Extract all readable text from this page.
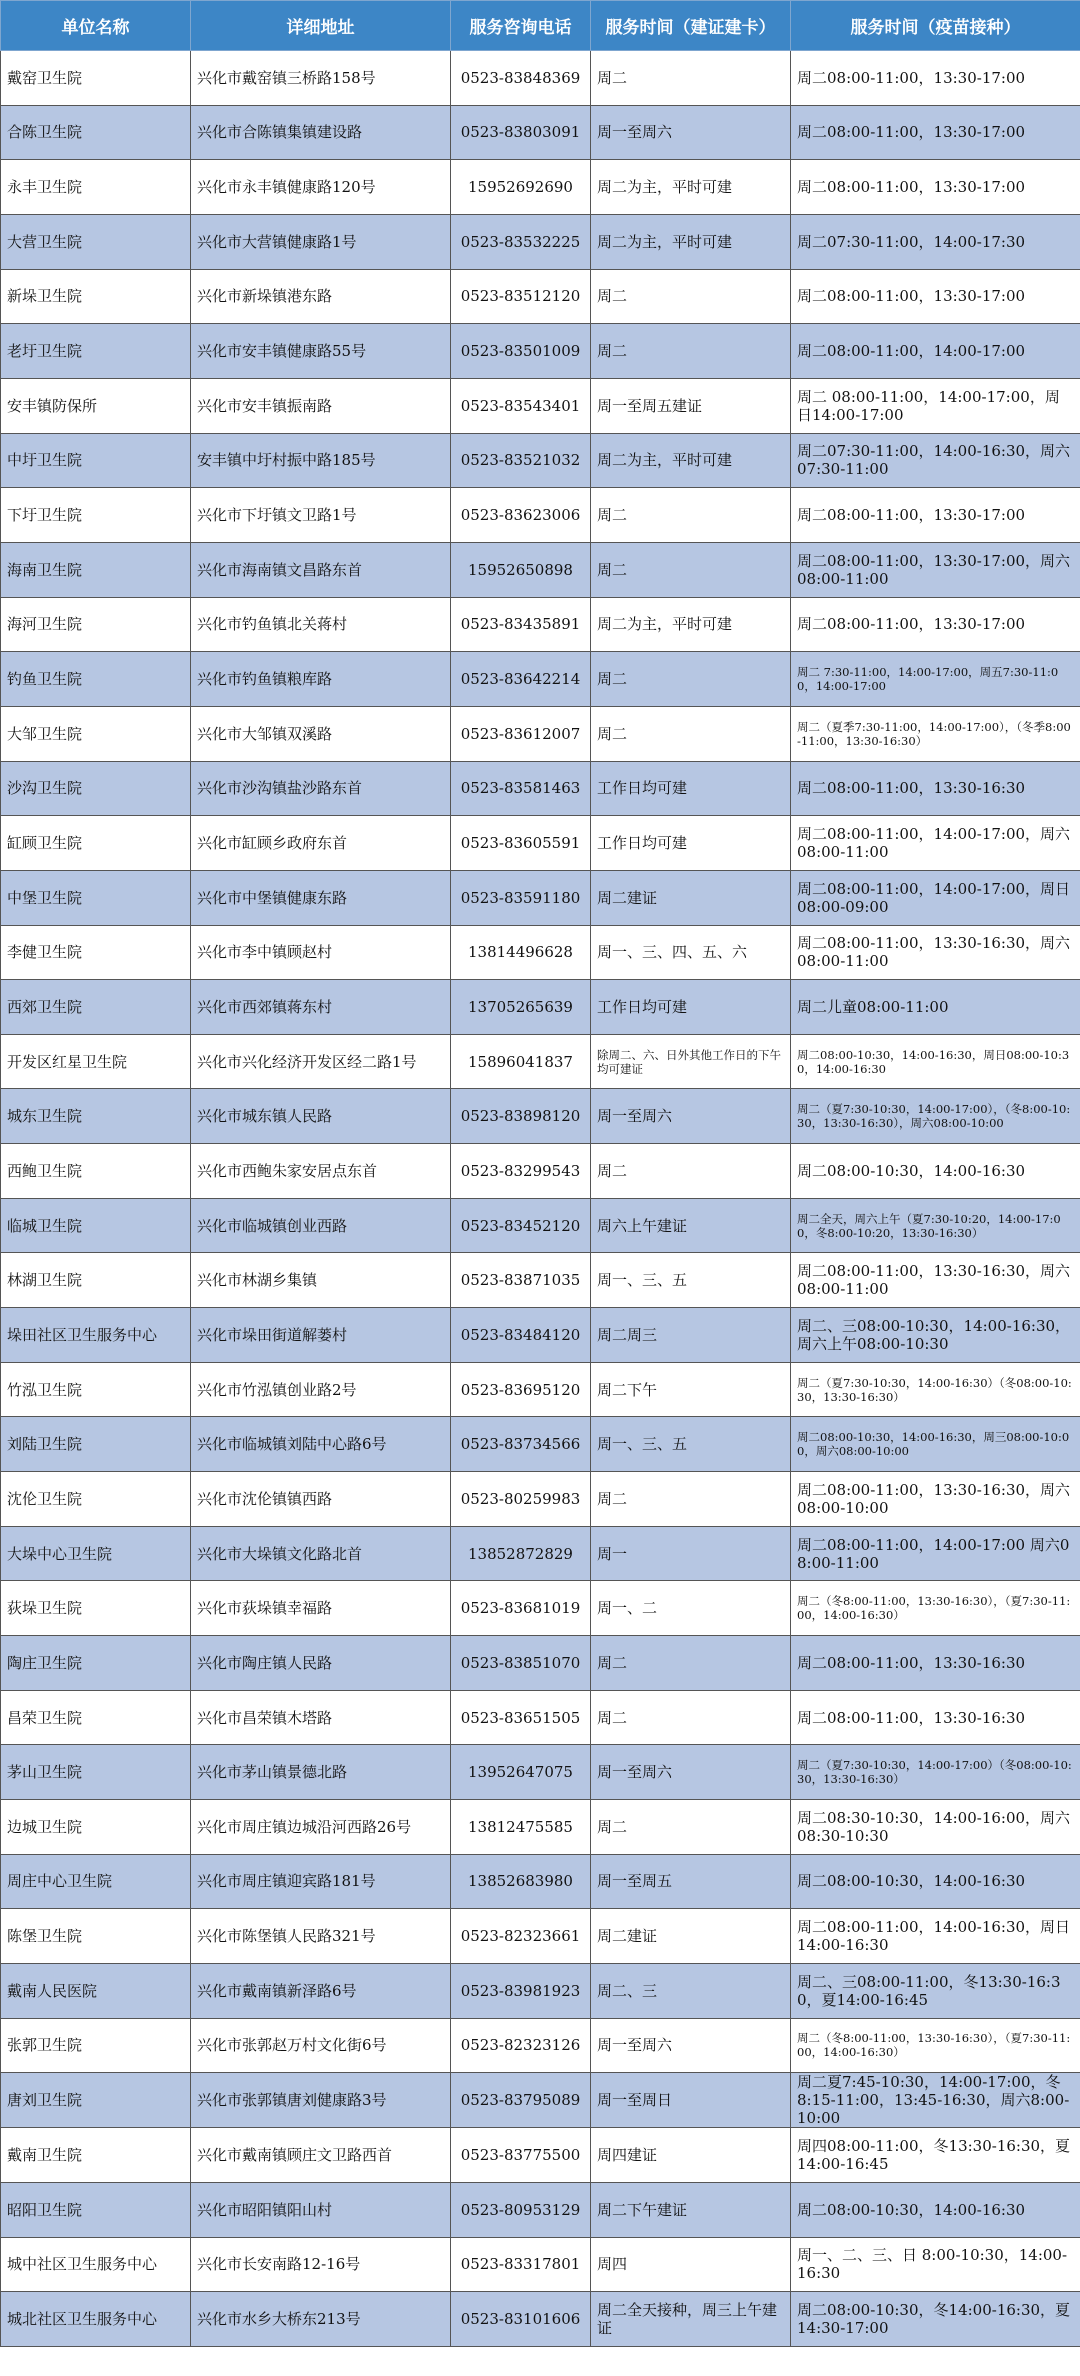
单位名称	详细地址	服务咨询电话	服务时间（建证建卡）	服务时间（疫苗接种）
戴窑卫生院	兴化市戴窑镇三桥路158号	0523-83848369	周二	周二08:00-11:00，13:30-17:00
合陈卫生院	兴化市合陈镇集镇建设路	0523-83803091	周一至周六	周二08:00-11:00，13:30-17:00
永丰卫生院	兴化市永丰镇健康路120号	15952692690	周二为主，平时可建	周二08:00-11:00，13:30-17:00
大营卫生院	兴化市大营镇健康路1号	0523-83532225	周二为主，平时可建	周二07:30-11:00，14:00-17:30
新垛卫生院	兴化市新垛镇港东路	0523-83512120	周二	周二08:00-11:00，13:30-17:00
老圩卫生院	兴化市安丰镇健康路55号	0523-83501009	周二	周二08:00-11:00，14:00-17:00
安丰镇防保所	兴化市安丰镇振南路	0523-83543401	周一至周五建证	周二 08:00-11:00，14:00-17:00，周日14:00-17:00
中圩卫生院	安丰镇中圩村振中路185号	0523-83521032	周二为主，平时可建	周二07:30-11:00，14:00-16:30，周六07:30-11:00
下圩卫生院	兴化市下圩镇文卫路1号	0523-83623006	周二	周二08:00-11:00，13:30-17:00
海南卫生院	兴化市海南镇文昌路东首	15952650898	周二	周二08:00-11:00，13:30-17:00，周六08:00-11:00
海河卫生院	兴化市钓鱼镇北关蒋村	0523-83435891	周二为主，平时可建	周二08:00-11:00，13:30-17:00
钓鱼卫生院	兴化市钓鱼镇粮库路	0523-83642214	周二	周二 7:30-11:00，14:00-17:00，周五7:30-11:00，14:00-17:00
大邹卫生院	兴化市大邹镇双溪路	0523-83612007	周二	周二（夏季7:30-11:00，14:00-17:00），（冬季8:00-11:00，13:30-16:30）
沙沟卫生院	兴化市沙沟镇盐沙路东首	0523-83581463	工作日均可建	周二08:00-11:00，13:30-16:30
缸顾卫生院	兴化市缸顾乡政府东首	0523-83605591	工作日均可建	周二08:00-11:00，14:00-17:00，周六08:00-11:00
中堡卫生院	兴化市中堡镇健康东路	0523-83591180	周二建证	周二08:00-11:00，14:00-17:00，周日08:00-09:00
李健卫生院	兴化市李中镇顾赵村	13814496628	周一、三、四、五、六	周二08:00-11:00，13:30-16:30，周六08:00-11:00
西郊卫生院	兴化市西郊镇蒋东村	13705265639	工作日均可建	周二儿童08:00-11:00
开发区红星卫生院	兴化市兴化经济开发区经二路1号	15896041837	除周二、六、日外其他工作日的下午均可建证	周二08:00-10:30，14:00-16:30，周日08:00-10:30，14:00-16:30
城东卫生院	兴化市城东镇人民路	0523-83898120	周一至周六	周二（夏7:30-10:30，14:00-17:00），（冬8:00-10:30，13:30-16:30），周六08:00-10:00
西鲍卫生院	兴化市西鲍朱家安居点东首	0523-83299543	周二	周二08:00-10:30，14:00-16:30
临城卫生院	兴化市临城镇创业西路	0523-83452120	周六上午建证	周二全天，周六上午（夏7:30-10:20，14:00-17:00，冬8:00-10:20，13:30-16:30）
林湖卫生院	兴化市林湖乡集镇	0523-83871035	周一、三、五	周二08:00-11:00，13:30-16:30，周六08:00-11:00
垛田社区卫生服务中心	兴化市垛田街道解蒌村	0523-83484120	周二周三	周二、三08:00-10:30，14:00-16:30，周六上午08:00-10:30
竹泓卫生院	兴化市竹泓镇创业路2号	0523-83695120	周二下午	周二（夏7:30-10:30，14:00-16:30）（冬08:00-10:30，13:30-16:30）
刘陆卫生院	兴化市临城镇刘陆中心路6号	0523-83734566	周一、三、五	周二08:00-10:30，14:00-16:30，周三08:00-10:00，周六08:00-10:00
沈伦卫生院	兴化市沈伦镇镇西路	0523-80259983	周二	周二08:00-11:00，13:30-16:30，周六08:00-10:00
大垛中心卫生院	兴化市大垛镇文化路北首	13852872829	周一	周二08:00-11:00，14:00-17:00 周六08:00-11:00
荻垛卫生院	兴化市荻垛镇幸福路	0523-83681019	周一、二	周二（冬8:00-11:00，13:30-16:30），（夏7:30-11:00，14:00-16:30）
陶庄卫生院	兴化市陶庄镇人民路	0523-83851070	周二	周二08:00-11:00，13:30-16:30
昌荣卫生院	兴化市昌荣镇木塔路	0523-83651505	周二	周二08:00-11:00，13:30-16:30
茅山卫生院	兴化市茅山镇景德北路	13952647075	周一至周六	周二（夏7:30-10:30，14:00-17:00）（冬08:00-10:30，13:30-16:30）
边城卫生院	兴化市周庄镇边城沿河西路26号	13812475585	周二	周二08:30-10:30，14:00-16:00，周六08:30-10:30
周庄中心卫生院	兴化市周庄镇迎宾路181号	13852683980	周一至周五	周二08:00-10:30，14:00-16:30
陈堡卫生院	兴化市陈堡镇人民路321号	0523-82323661	周二建证	周二08:00-11:00，14:00-16:30，周日14:00-16:30
戴南人民医院	兴化市戴南镇新泽路6号	0523-83981923	周二、三	周二、三08:00-11:00，冬13:30-16:30，夏14:00-16:45
张郭卫生院	兴化市张郭赵万村文化街6号	0523-82323126	周一至周六	周二（冬8:00-11:00，13:30-16:30），（夏7:30-11:00，14:00-16:30）
唐刘卫生院	兴化市张郭镇唐刘健康路3号	0523-83795089	周一至周日	周二夏7:45-10:30，14:00-17:00，冬8:15-11:00，13:45-16:30，周六8:00-10:00
戴南卫生院	兴化市戴南镇顾庄文卫路西首	0523-83775500	周四建证	周四08:00-11:00，冬13:30-16:30，夏14:00-16:45
昭阳卫生院	兴化市昭阳镇阳山村	0523-80953129	周二下午建证	周二08:00-10:30，14:00-16:30
城中社区卫生服务中心	兴化市长安南路12-16号	0523-83317801	周四	周一、二、三、日 8:00-10:30，14:00-16:30
城北社区卫生服务中心	兴化市水乡大桥东213号	0523-83101606	周二全天接种，周三上午建证	周二08:00-10:30，冬14:00-16:30，夏14:30-17:00
